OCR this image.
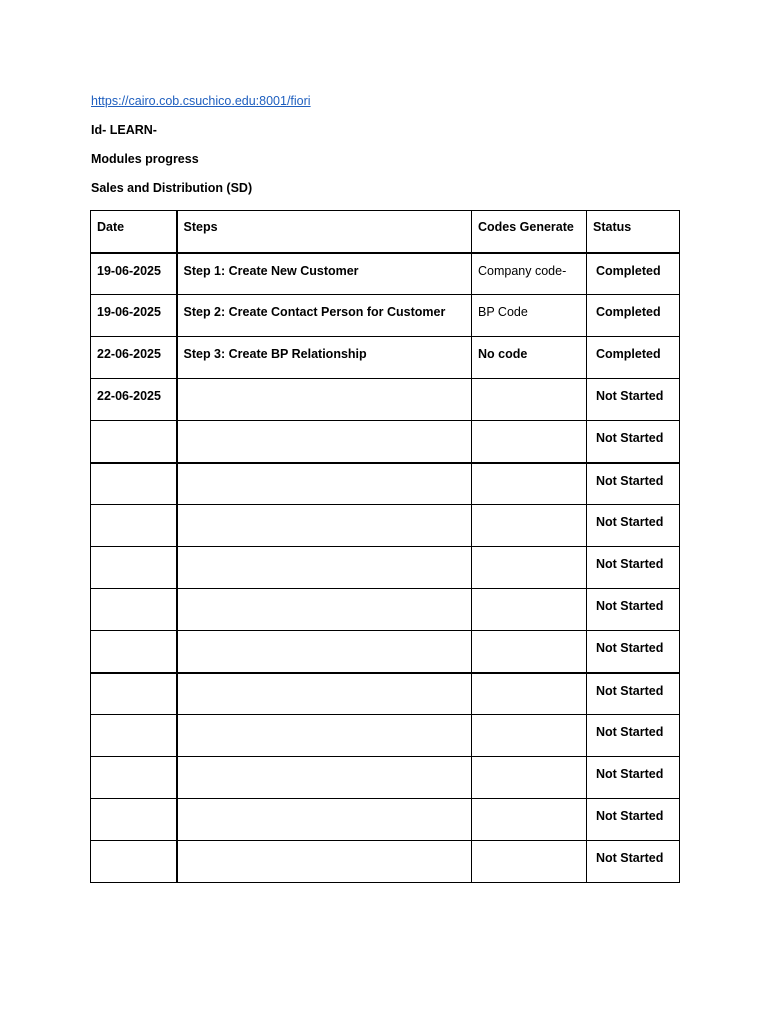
https://cairo.cob.csuchico.edu:8001/fiori
Id- LEARN-
Modules progress
Sales and Distribution (SD)
Date	Steps	Codes Generate	Status
19-06-2025	Step 1: Create New Customer	Company code-	Completed
19-06-2025	Step 2: Create Contact Person for Customer	BP Code	Completed
22-06-2025	Step 3: Create BP Relationship	No code	Completed
22-06-2025			Not Started
			Not Started
			Not Started
			Not Started
			Not Started
			Not Started
			Not Started
			Not Started
			Not Started
			Not Started
			Not Started
			Not Started
